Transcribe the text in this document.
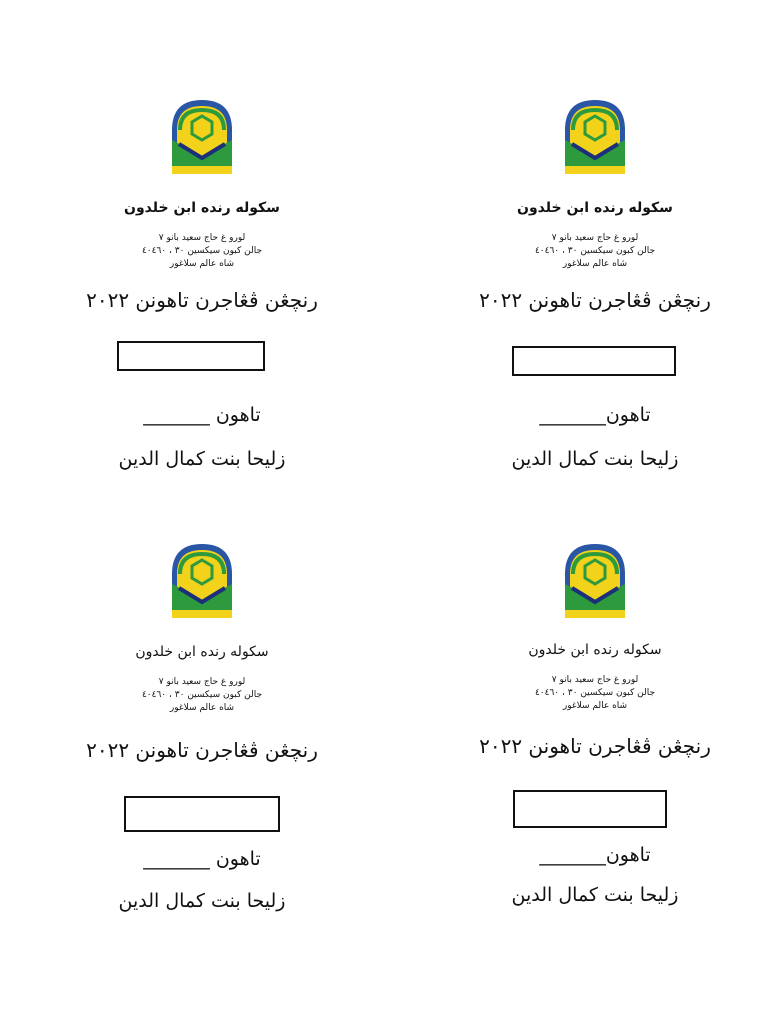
سكوله رنده ابن خلدون
لورو غ حاج سعيد بانو ٧
جالن كبون سيكسين ٣٠ ، ٤٠٤٦٠
شاه عالم سلاغور
رنچڠن ڤڠاجرن تاهونن ٢٠٢٢
تاهون_______
زليحا بنت كمال الدين
سكوله رنده ابن خلدون
لورو غ حاج سعيد بانو ٧
جالن كبون سيكسين ٣٠ ، ٤٠٤٦٠
شاه عالم سلاغور
رنچڠن ڤڠاجرن تاهونن ٢٠٢٢
تاهون _______
زليحا بنت كمال الدين
سكوله رنده ابن خلدون
لورو غ حاج سعيد بانو ٧
جالن كبون سيكسين ٣٠ ، ٤٠٤٦٠
شاه عالم سلاغور
رنچڠن ڤڠاجرن تاهونن ٢٠٢٢
تاهون _______
زليحا بنت كمال الدين
سكوله رنده ابن خلدون
لورو غ حاج سعيد بانو ٧
جالن كبون سيكسين ٣٠ ، ٤٠٤٦٠
شاه عالم سلاغور
رنچڠن ڤڠاجرن تاهونن ٢٠٢٢
تاهون_______
زليحا بنت كمال الدين
